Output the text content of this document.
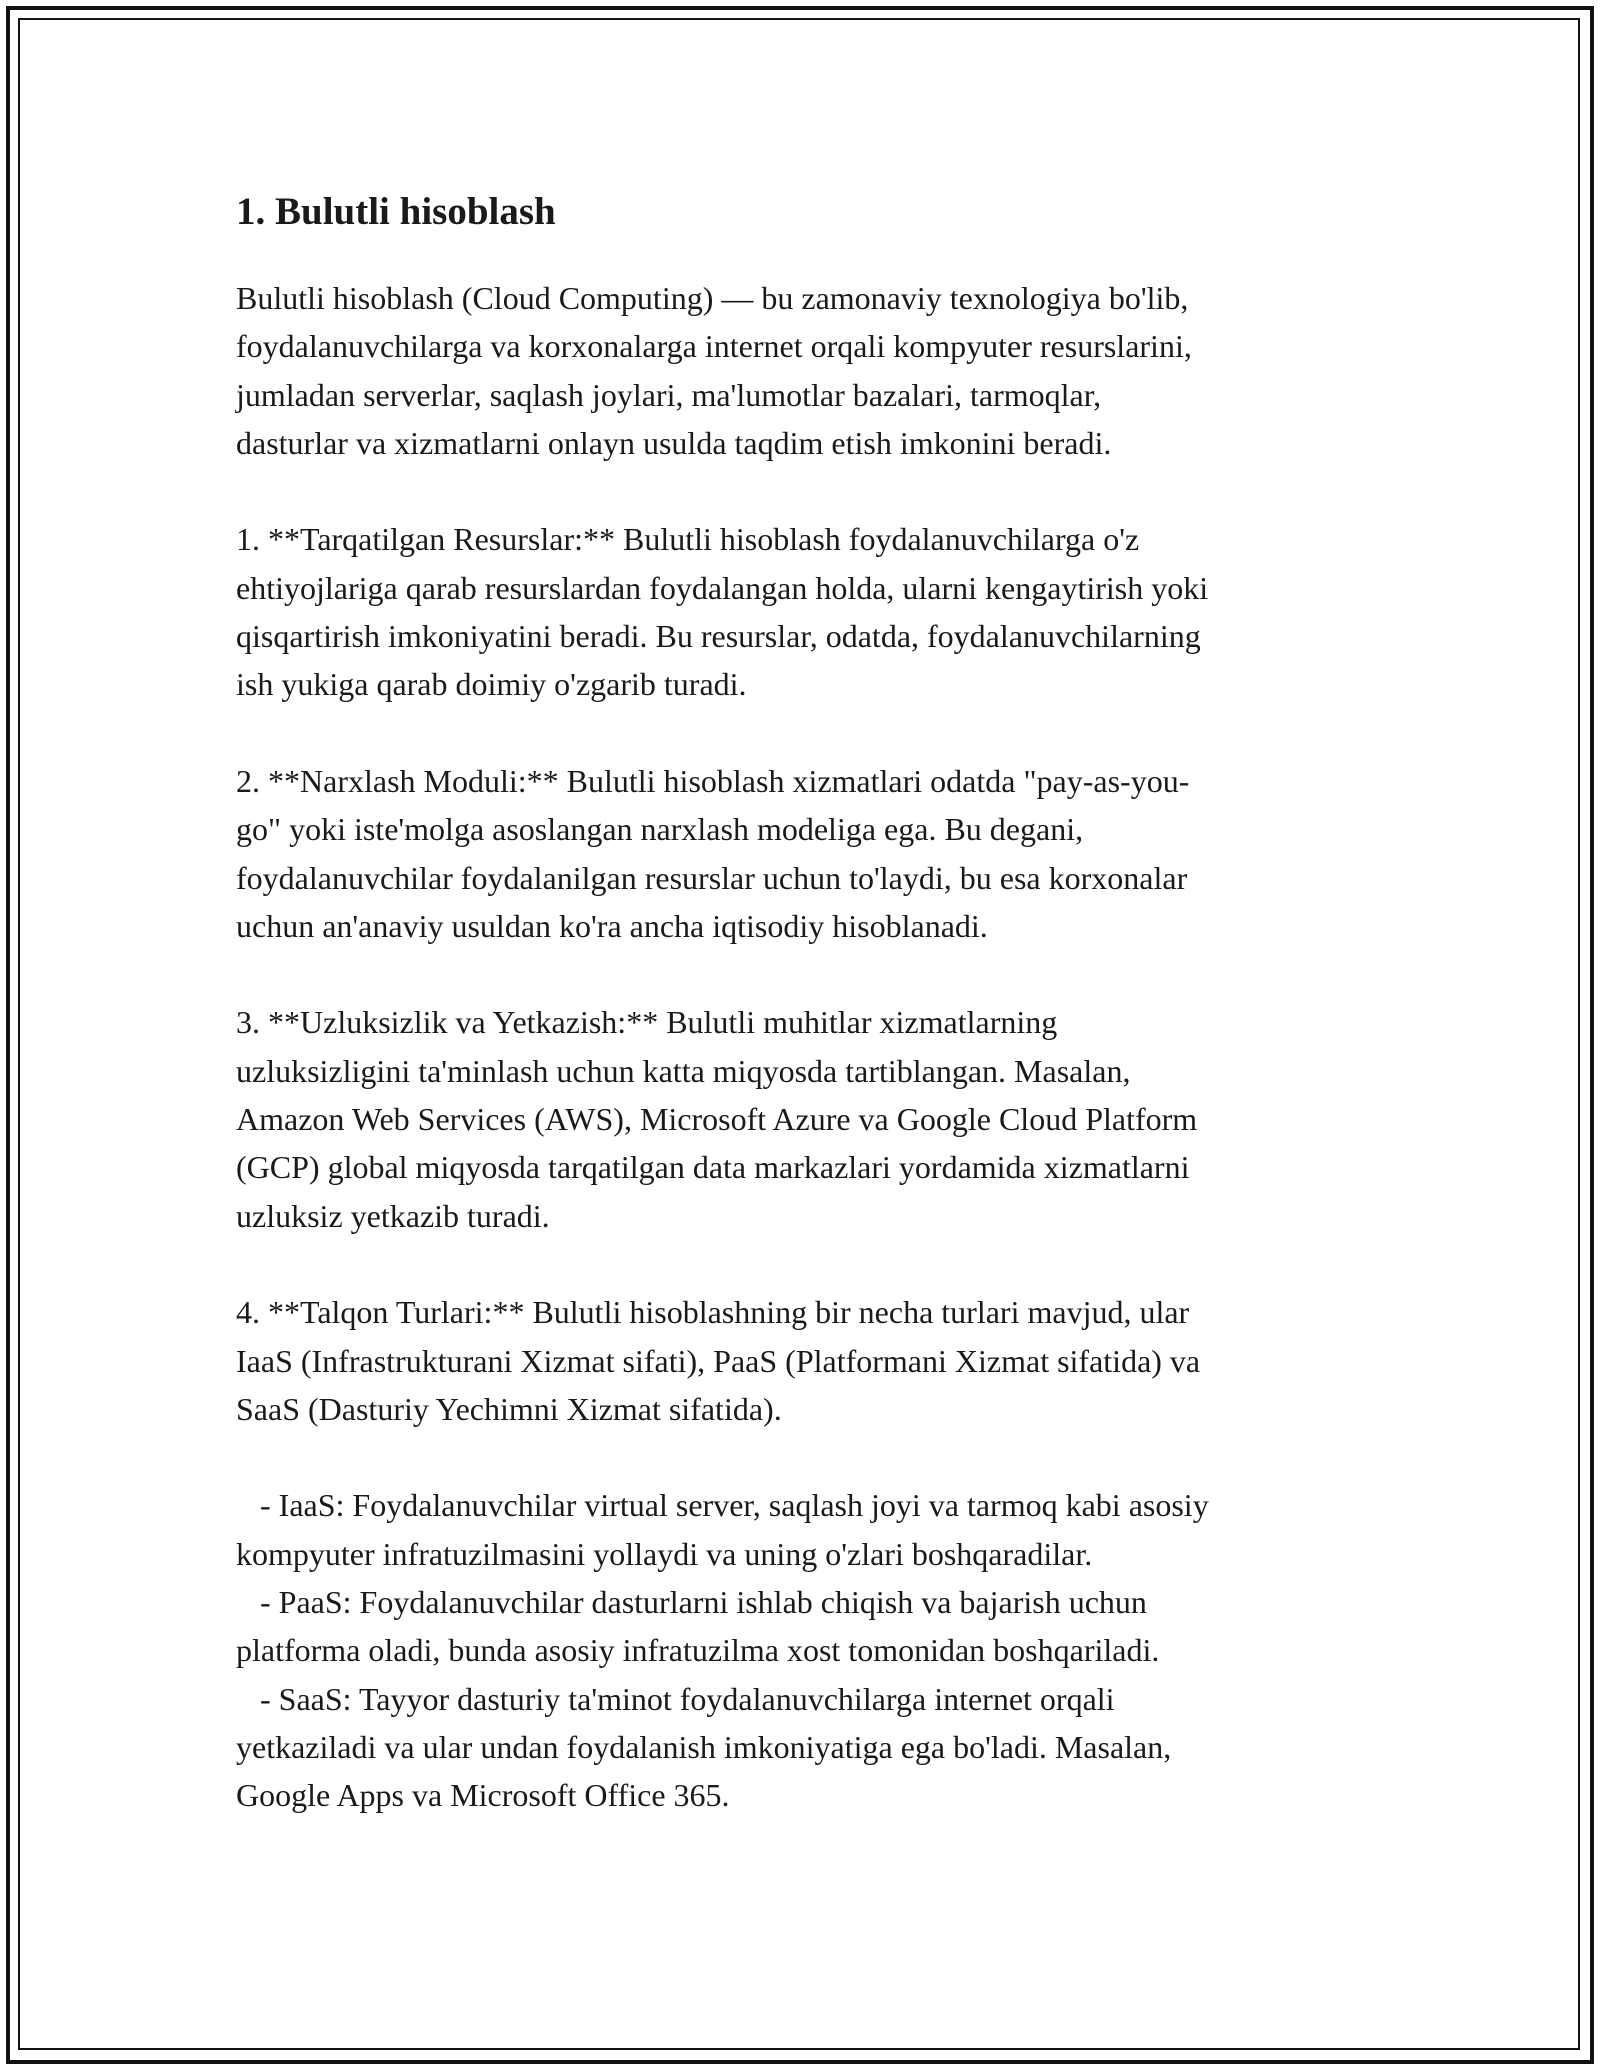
1. Bulutli hisoblash

Bulutli hisoblash (Cloud Computing) — bu zamonaviy texnologiya bo'lib,
foydalanuvchilarga va korxonalarga internet orqali kompyuter resurslarini,
jumladan serverlar, saqlash joylari, ma'lumotlar bazalari, tarmoqlar,
dasturlar va xizmatlarni onlayn usulda taqdim etish imkonini beradi.

1. **Tarqatilgan Resurslar:** Bulutli hisoblash foydalanuvchilarga o'z
ehtiyojlariga qarab resurslardan foydalangan holda, ularni kengaytirish yoki
qisqartirish imkoniyatini beradi. Bu resurslar, odatda, foydalanuvchilarning
ish yukiga qarab doimiy o'zgarib turadi.

2. **Narxlash Moduli:** Bulutli hisoblash xizmatlari odatda "pay-as-you-
go" yoki iste'molga asoslangan narxlash modeliga ega. Bu degani,
foydalanuvchilar foydalanilgan resurslar uchun to'laydi, bu esa korxonalar
uchun an'anaviy usuldan ko'ra ancha iqtisodiy hisoblanadi.

3. **Uzluksizlik va Yetkazish:** Bulutli muhitlar xizmatlarning
uzluksizligini ta'minlash uchun katta miqyosda tartiblangan. Masalan,
Amazon Web Services (AWS), Microsoft Azure va Google Cloud Platform
(GCP) global miqyosda tarqatilgan data markazlari yordamida xizmatlarni
uzluksiz yetkazib turadi.

4. **Talqon Turlari:** Bulutli hisoblashning bir necha turlari mavjud, ular
IaaS (Infrastrukturani Xizmat sifati), PaaS (Platformani Xizmat sifatida) va
SaaS (Dasturiy Yechimni Xizmat sifatida).

- IaaS: Foydalanuvchilar virtual server, saqlash joyi va tarmoq kabi asosiy
kompyuter infratuzilmasini yollaydi va uning o'zlari boshqaradilar.
- PaaS: Foydalanuvchilar dasturlarni ishlab chiqish va bajarish uchun
platforma oladi, bunda asosiy infratuzilma xost tomonidan boshqariladi.
- SaaS: Tayyor dasturiy ta'minot foydalanuvchilarga internet orqali
yetkaziladi va ular undan foydalanish imkoniyatiga ega bo'ladi. Masalan,
Google Apps va Microsoft Office 365.
